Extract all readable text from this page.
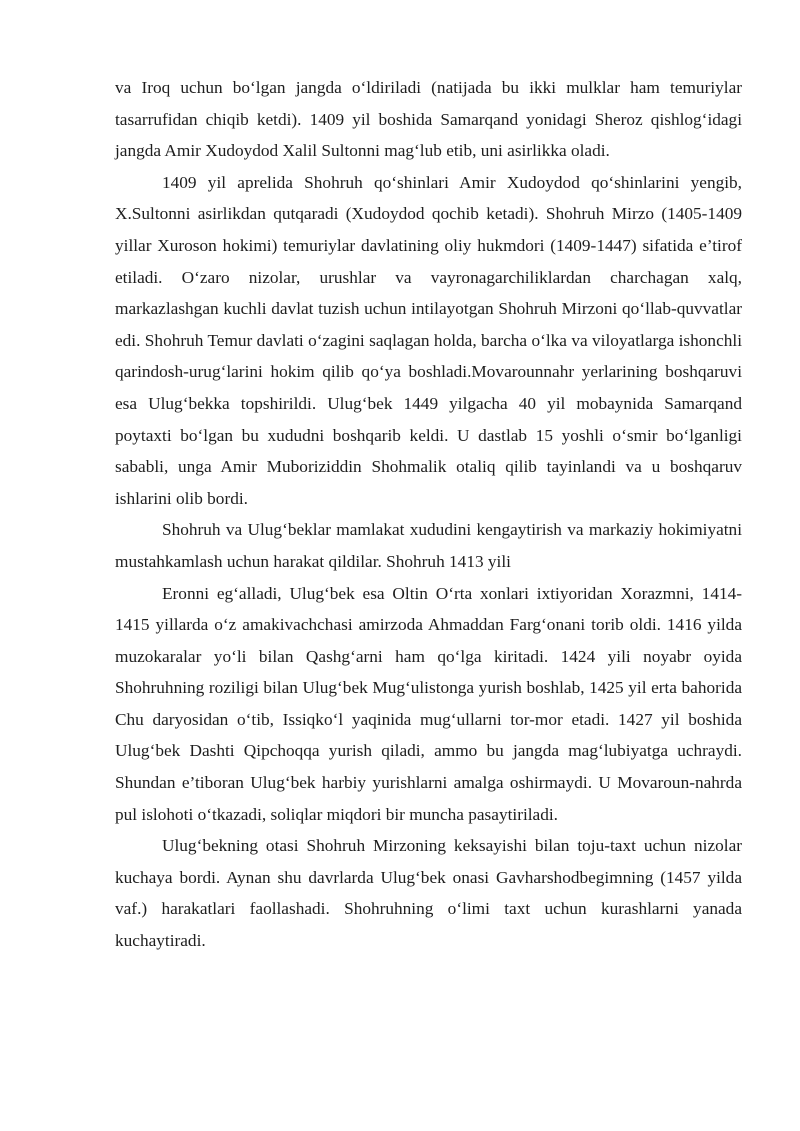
va Iroq uchun bo‘lgan jangda o‘ldiriladi (natijada bu ikki mulklar ham temuriylar tasarrufidan chiqib ketdi). 1409 yil boshida Samarqand yonidagi Sheroz qishlog‘idagi jangda Amir Xudoydod Xalil Sultonni mag‘lub etib, uni asirlikka oladi.

1409 yil aprelida Shohruh qo‘shinlari Amir Xudoydod qo‘shinlarini yengib, X.Sultonni asirlikdan qutqaradi (Xudoydod qochib ketadi). Shohruh Mirzo (1405-1409 yillar Xuroson hokimi) temuriylar davlatining oliy hukmdori (1409-1447) sifatida e’tirof etiladi. O‘zaro nizolar, urushlar va vayronagarchiliklardan charchagan xalq, markazlashgan kuchli davlat tuzish uchun intilayotgan Shohruh Mirzoni qo‘llab-quvvatlar edi. Shohruh Temur davlati o‘zagini saqlagan holda, barcha o‘lka va viloyatlarga ishonchli qarindosh-urug‘larini hokim qilib qo‘ya boshladi.Movarounnahr yerlarining boshqaruvi esa Ulug‘bekka topshirildi. Ulug‘bek 1449 yilgacha 40 yil mobaynida Samarqand poytaxti bo‘lgan bu xududni boshqarib keldi. U dastlab 15 yoshli o‘smir bo‘lganligi sababli, unga Amir Muboriziddin Shohmalik otaliq qilib tayinlandi va u boshqaruv ishlarini olib bordi.

Shohruh va Ulug‘beklar mamlakat xududini kengaytirish va markaziy hokimiyatni mustahkamlash uchun harakat qildilar. Shohruh 1413 yili

Eronni eg‘alladi, Ulug‘bek esa Oltin O‘rta xonlari ixtiyoridan Xorazmni, 1414-1415 yillarda o‘z amakivachchasi amirzoda Ahmaddan Farg‘onani torib oldi. 1416 yilda muzokaralar yo‘li bilan Qashg‘arni ham qo‘lga kiritadi. 1424 yili noyabr oyida Shohruhning roziligi bilan Ulug‘bek Mug‘ulistonga yurish boshlab, 1425 yil erta bahorida Chu daryosidan o‘tib, Issiqko‘l yaqinida mug‘ullarni tor-mor etadi. 1427 yil boshida Ulug‘bek Dashti Qipchoqqa yurish qiladi, ammo bu jangda mag‘lubiyatga uchraydi. Shundan e’tiboran Ulug‘bek harbiy yurishlarni amalga oshirmaydi. U Movaroun-nahrda pul islohoti o‘tkazadi, soliqlar miqdori bir muncha pasaytiriladi.

Ulug‘bekning otasi Shohruh Mirzoning keksayishi bilan toju-taxt uchun nizolar kuchaya bordi. Aynan shu davrlarda Ulug‘bek onasi Gavharshodbegimning (1457 yilda vaf.) harakatlari faollashadi. Shohruhning o‘limi taxt uchun kurashlarni yanada kuchaytiradi.
